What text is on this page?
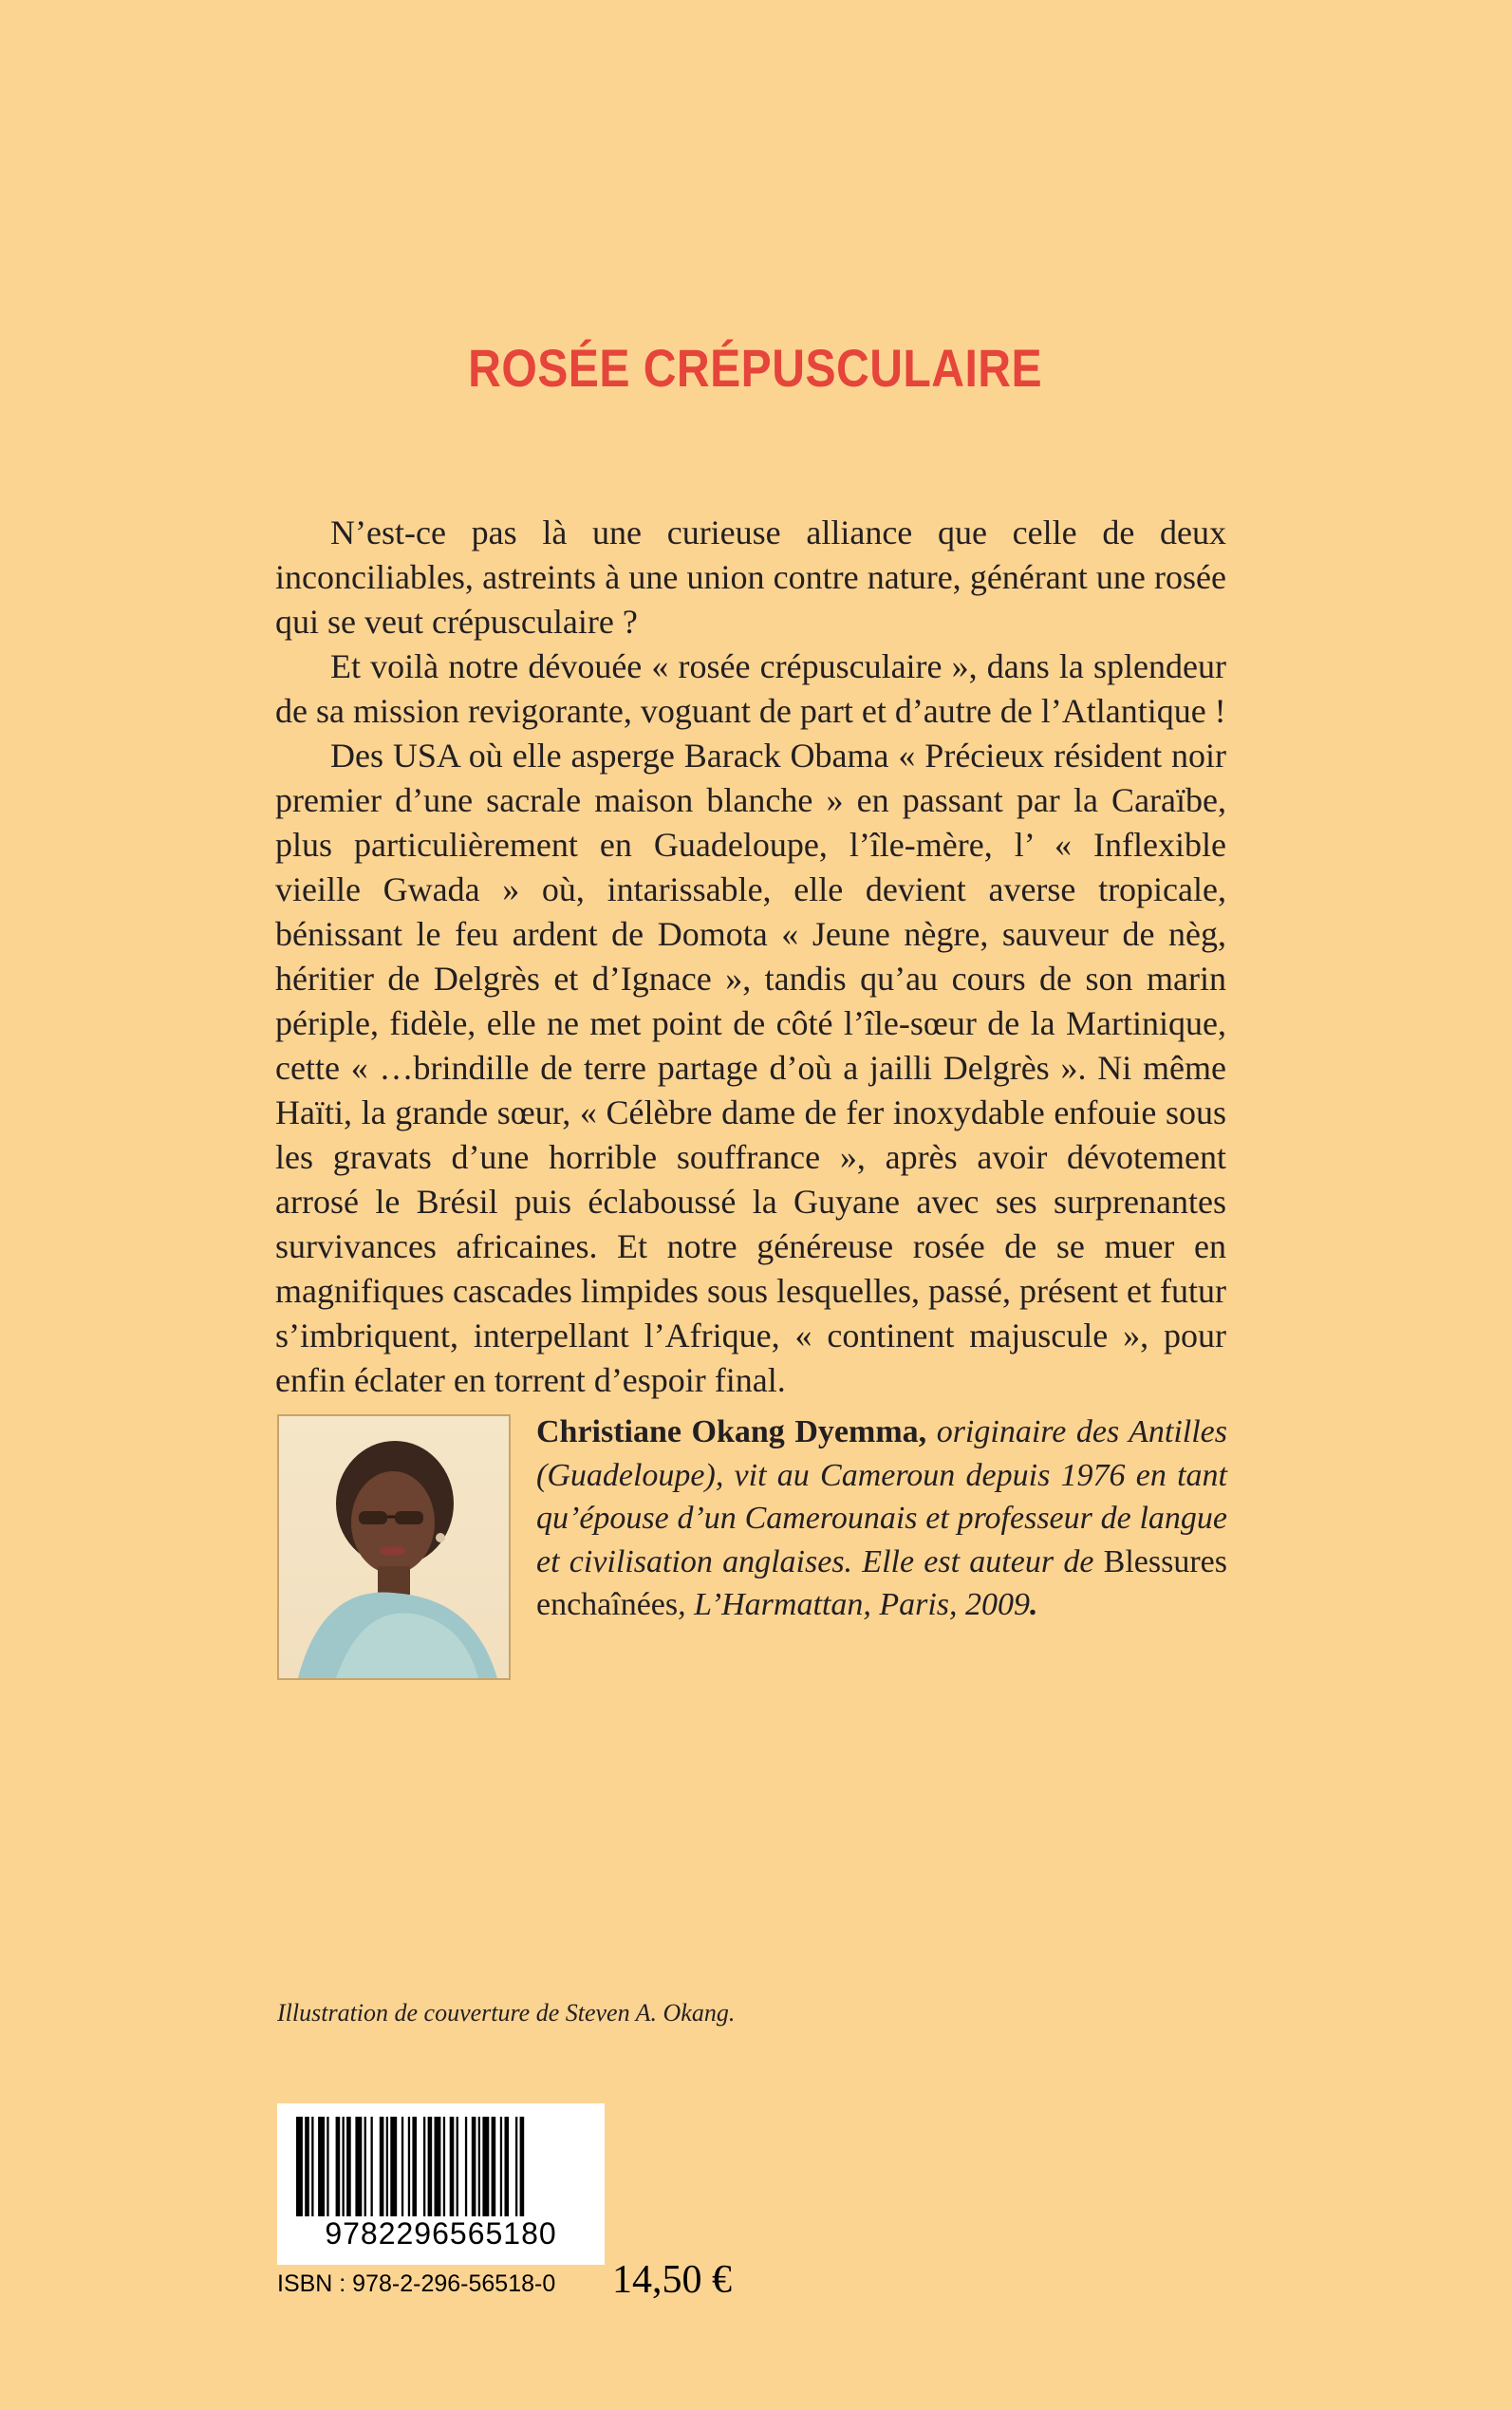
ROSÉE CRÉPUSCULAIRE

N’est-ce pas là une curieuse alliance que celle de deux inconciliables, astreints à une union contre nature, générant une rosée qui se veut crépusculaire ?

Et voilà notre dévouée « rosée crépusculaire », dans la splendeur de sa mission revigorante, voguant de part et d’autre de l’Atlantique !

Des USA où elle asperge Barack Obama « Précieux résident noir premier d’une sacrale maison blanche » en passant par la Caraïbe, plus particulièrement en Guadeloupe, l’île-mère, l’ « Inflexible vieille Gwada » où, intarissable, elle devient averse tropicale, bénissant le feu ardent de Domota « Jeune nègre, sauveur de nèg, héritier de Delgrès et d’Ignace », tandis qu’au cours de son marin périple, fidèle, elle ne met point de côté l’île-sœur de la Martinique, cette « …brindille de terre partage d’où a jailli Delgrès ». Ni même Haïti, la grande sœur, « Célèbre dame de fer inoxydable enfouie sous les gravats d’une horrible souffrance », après avoir dévotement arrosé le Brésil puis éclaboussé la Guyane avec ses surprenantes survivances africaines. Et notre généreuse rosée de se muer en magnifiques cascades limpides sous lesquelles, passé, présent et futur s’imbriquent, interpellant l’Afrique, « continent majuscule », pour enfin éclater en torrent d’espoir final.

Christiane Okang Dyemma, originaire des Antilles (Guadeloupe), vit au Cameroun depuis 1976 en tant qu’épouse d’un Camerounais et professeur de langue et civilisation anglaises. Elle est auteur de Blessures enchaînées, L’Harmattan, Paris, 2009.
Illustration de couverture de Steven A. Okang.
9782296565180
ISBN : 978-2-296-56518-0 14,50 €
